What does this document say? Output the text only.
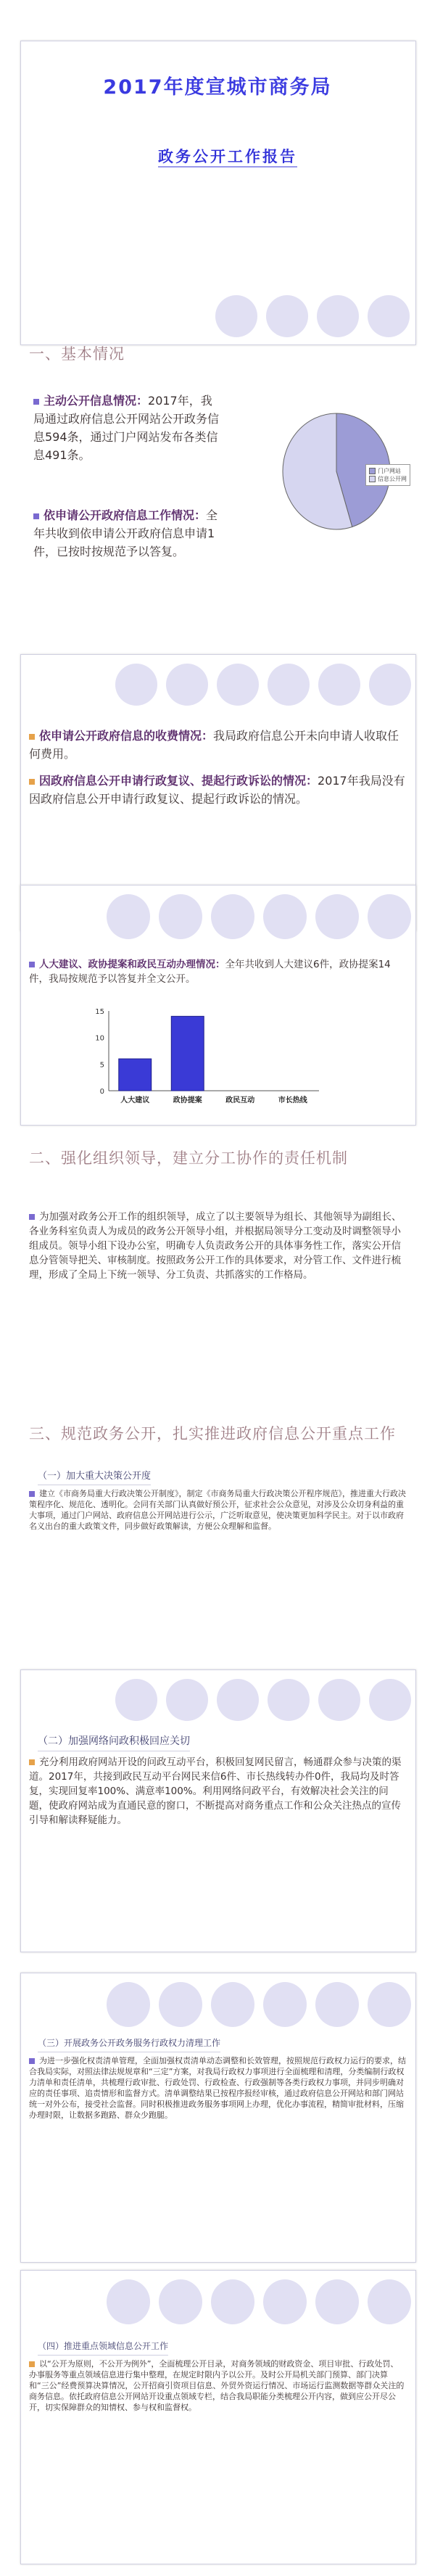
2017年度宣城市商务局
政务公开工作报告
一、基本情况
主动公开信息情况：2017年，我局通过政府信息公开网站公开政务信息594条，通过门户网站发布各类信息491条。
依申请公开政府信息工作情况：全年共收到依申请公开政府信息申请1件，已按时按规范予以答复。
门户网站
信息公开网
依申请公开政府信息的收费情况：我局政府信息公开未向申请人收取任何费用。
因政府信息公开申请行政复议、提起行政诉讼的情况：2017年我局没有因政府信息公开申请行政复议、提起行政诉讼的情况。
人大建议、政协提案和政民互动办理情况：全年共收到人大建议6件，政协提案14件，我局按规范予以答复并全文公开。
0
5
10
15
人大建议	政协提案	政民互动	市长热线
二、强化组织领导，建立分工协作的责任机制
为加强对政务公开工作的组织领导，成立了以主要领导为组长、其他领导为副组长、各业务科室负责人为成员的政务公开领导小组，并根据局领导分工变动及时调整领导小组成员。领导小组下设办公室，明确专人负责政务公开的具体事务性工作，落实公开信息分管领导把关、审核制度。按照政务公开工作的具体要求，对分管工作、文件进行梳理，形成了全局上下统一领导、分工负责、共抓落实的工作格局。
三、规范政务公开，扎实推进政府信息公开重点工作
（一）加大重大决策公开度
建立《市商务局重大行政决策公开制度》，制定《市商务局重大行政决策公开程序规范》，推进重大行政决策程序化、规范化、透明化。会同有关部门认真做好预公开，征求社会公众意见，对涉及公众切身利益的重大事项，通过门户网站、政府信息公开网站进行公示，广泛听取意见，使决策更加科学民主。对于以市政府名义出台的重大政策文件，同步做好政策解读，方便公众理解和监督。
（二）加强网络问政积极回应关切
充分利用政府网站开设的问政互动平台，积极回复网民留言，畅通群众参与决策的渠道。2017年，共接到政民互动平台网民来信6件、市长热线转办件0件，我局均及时答复，实现回复率100%、满意率100%。利用网络问政平台，有效解决社会关注的问题，使政府网站成为直通民意的窗口，不断提高对商务重点工作和公众关注热点的宣传引导和解读释疑能力。
（三）开展政务公开政务服务行政权力清理工作
为进一步强化权责清单管理，全面加强权责清单动态调整和长效管理，按照规范行政权力运行的要求，结合我局实际，对照法律法规规章和“三定”方案，对我局行政权力事项进行全面梳理和清理，分类编制行政权力清单和责任清单，共梳理行政审批、行政处罚、行政检查、行政强制等各类行政权力事项，并同步明确对应的责任事项、追责情形和监督方式。清单调整结果已按程序报经审核，通过政府信息公开网站和部门网站统一对外公布，接受社会监督。同时积极推进政务服务事项网上办理，优化办事流程，精简审批材料，压缩办理时限，让数据多跑路、群众少跑腿。
（四）推进重点领域信息公开工作
以“公开为原则，不公开为例外”，全面梳理公开目录，对商务领域的财政资金、项目审批、行政处罚、办事服务等重点领域信息进行集中整理，在规定时限内予以公开。及时公开局机关部门预算、部门决算和“三公”经费预算决算情况，公开招商引资项目信息、外贸外资运行情况、市场运行监测数据等群众关注的商务信息。依托政府信息公开网站开设重点领域专栏，结合我局职能分类梳理公开内容，做到应公开尽公开，切实保障群众的知情权、参与权和监督权。
